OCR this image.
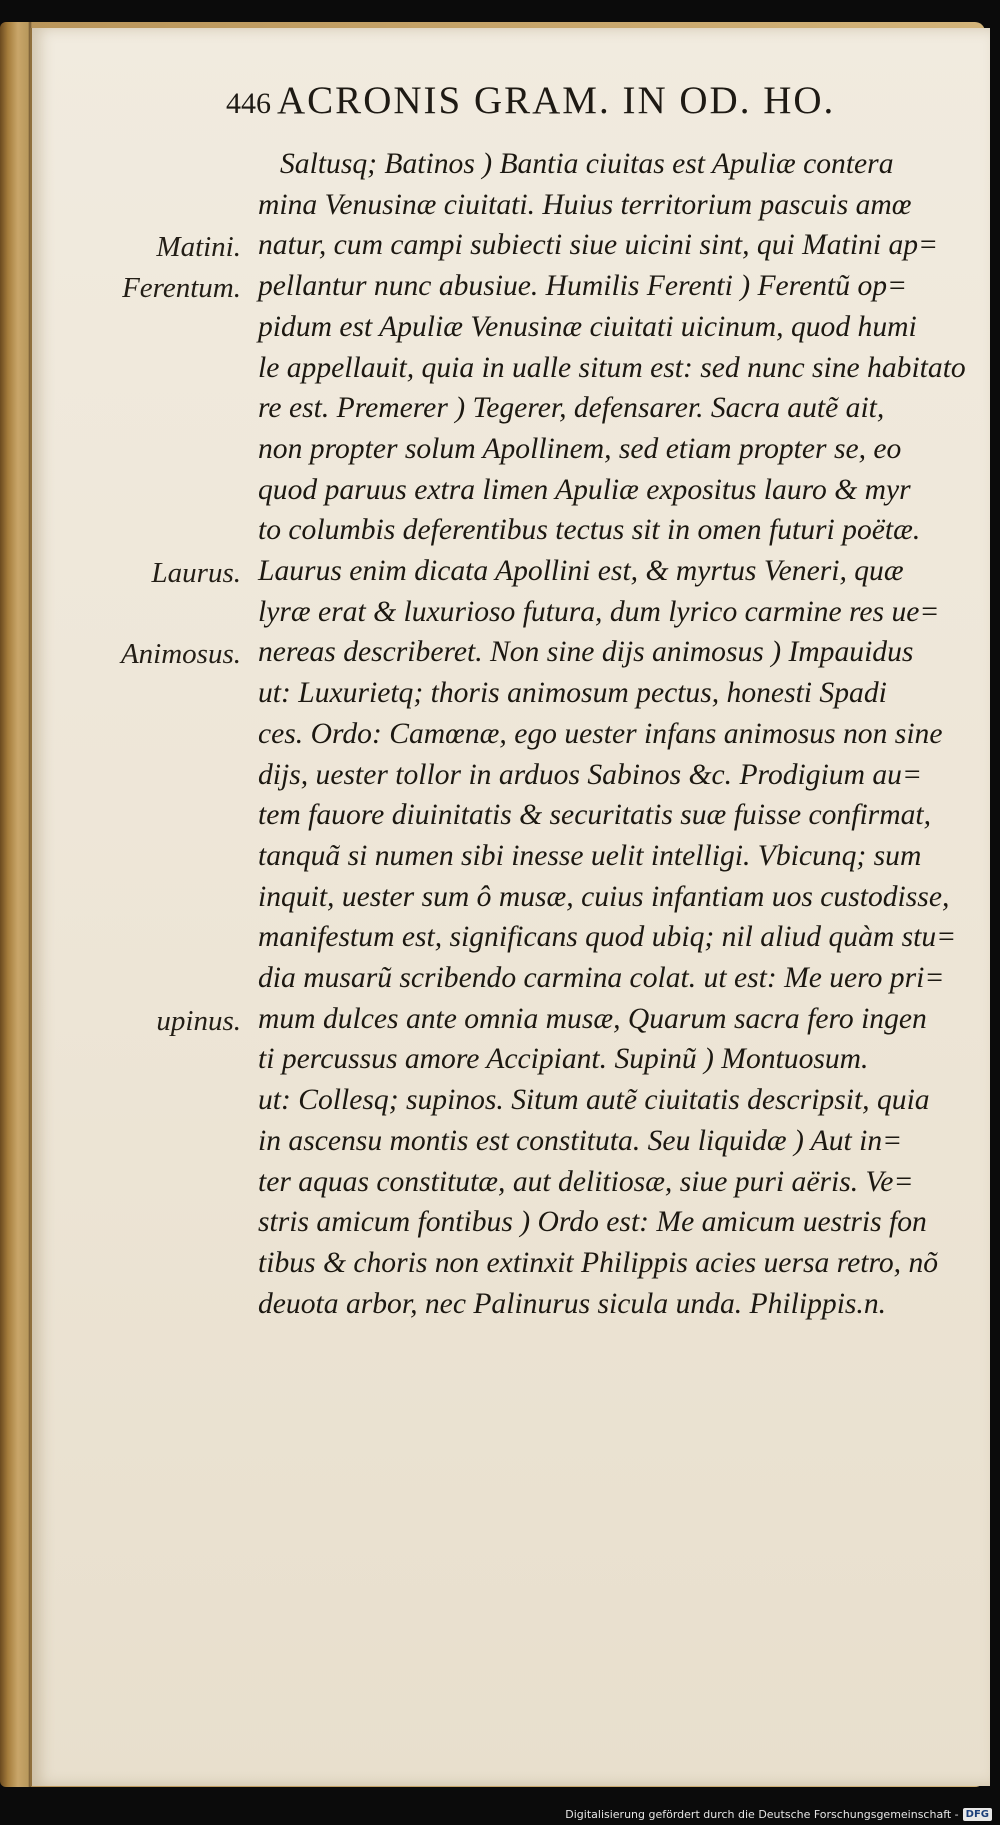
446 ACRONIS GRAM. IN OD. HO.
Matini.
Ferentum.
Laurus.
Animosus.
upinus.
Saltusq; Batinos ) Bantia ciuitas est Apuliæ contera
mina Venusinæ ciuitati. Huius territorium pascuis amœ
natur, cum campi subiecti siue uicini sint, qui Matini ap=
pellantur nunc abusiue. Humilis Ferenti ) Ferentũ op=
pidum est Apuliæ Venusinæ ciuitati uicinum, quod humi
le appellauit, quia in ualle situm est: sed nunc sine habitato
re est. Premerer ) Tegerer, defensarer. Sacra autẽ ait,
non propter solum Apollinem, sed etiam propter se, eo
quod paruus extra limen Apuliæ expositus lauro & myr
to columbis deferentibus tectus sit in omen futuri poëtæ.
Laurus enim dicata Apollini est, & myrtus Veneri, quæ
lyræ erat & luxurioso futura, dum lyrico carmine res ue=
nereas describeret. Non sine dijs animosus ) Impauidus
ut: Luxurietq; thoris animosum pectus, honesti Spadi
ces. Ordo: Camœnæ, ego uester infans animosus non sine
dijs, uester tollor in arduos Sabinos &c. Prodigium au=
tem fauore diuinitatis & securitatis suæ fuisse confirmat,
tanquã si numen sibi inesse uelit intelligi. Vbicunq; sum
inquit, uester sum ô musæ, cuius infantiam uos custodisse,
manifestum est, significans quod ubiq; nil aliud quàm stu=
dia musarũ scribendo carmina colat. ut est: Me uero pri=
mum dulces ante omnia musæ, Quarum sacra fero ingen
ti percussus amore Accipiant. Supinũ ) Montuosum.
ut: Collesq; supinos. Situm autẽ ciuitatis descripsit, quia
in ascensu montis est constituta. Seu liquidæ ) Aut in=
ter aquas constitutæ, aut delitiosæ, siue puri aëris. Ve=
stris amicum fontibus ) Ordo est: Me amicum uestris fon
tibus & choris non extinxit Philippis acies uersa retro, nõ
deuota arbor, nec Palinurus sicula unda. Philippis.n.
Digitalisierung gefördert durch die Deutsche Forschungsgemeinschaft - DFG
